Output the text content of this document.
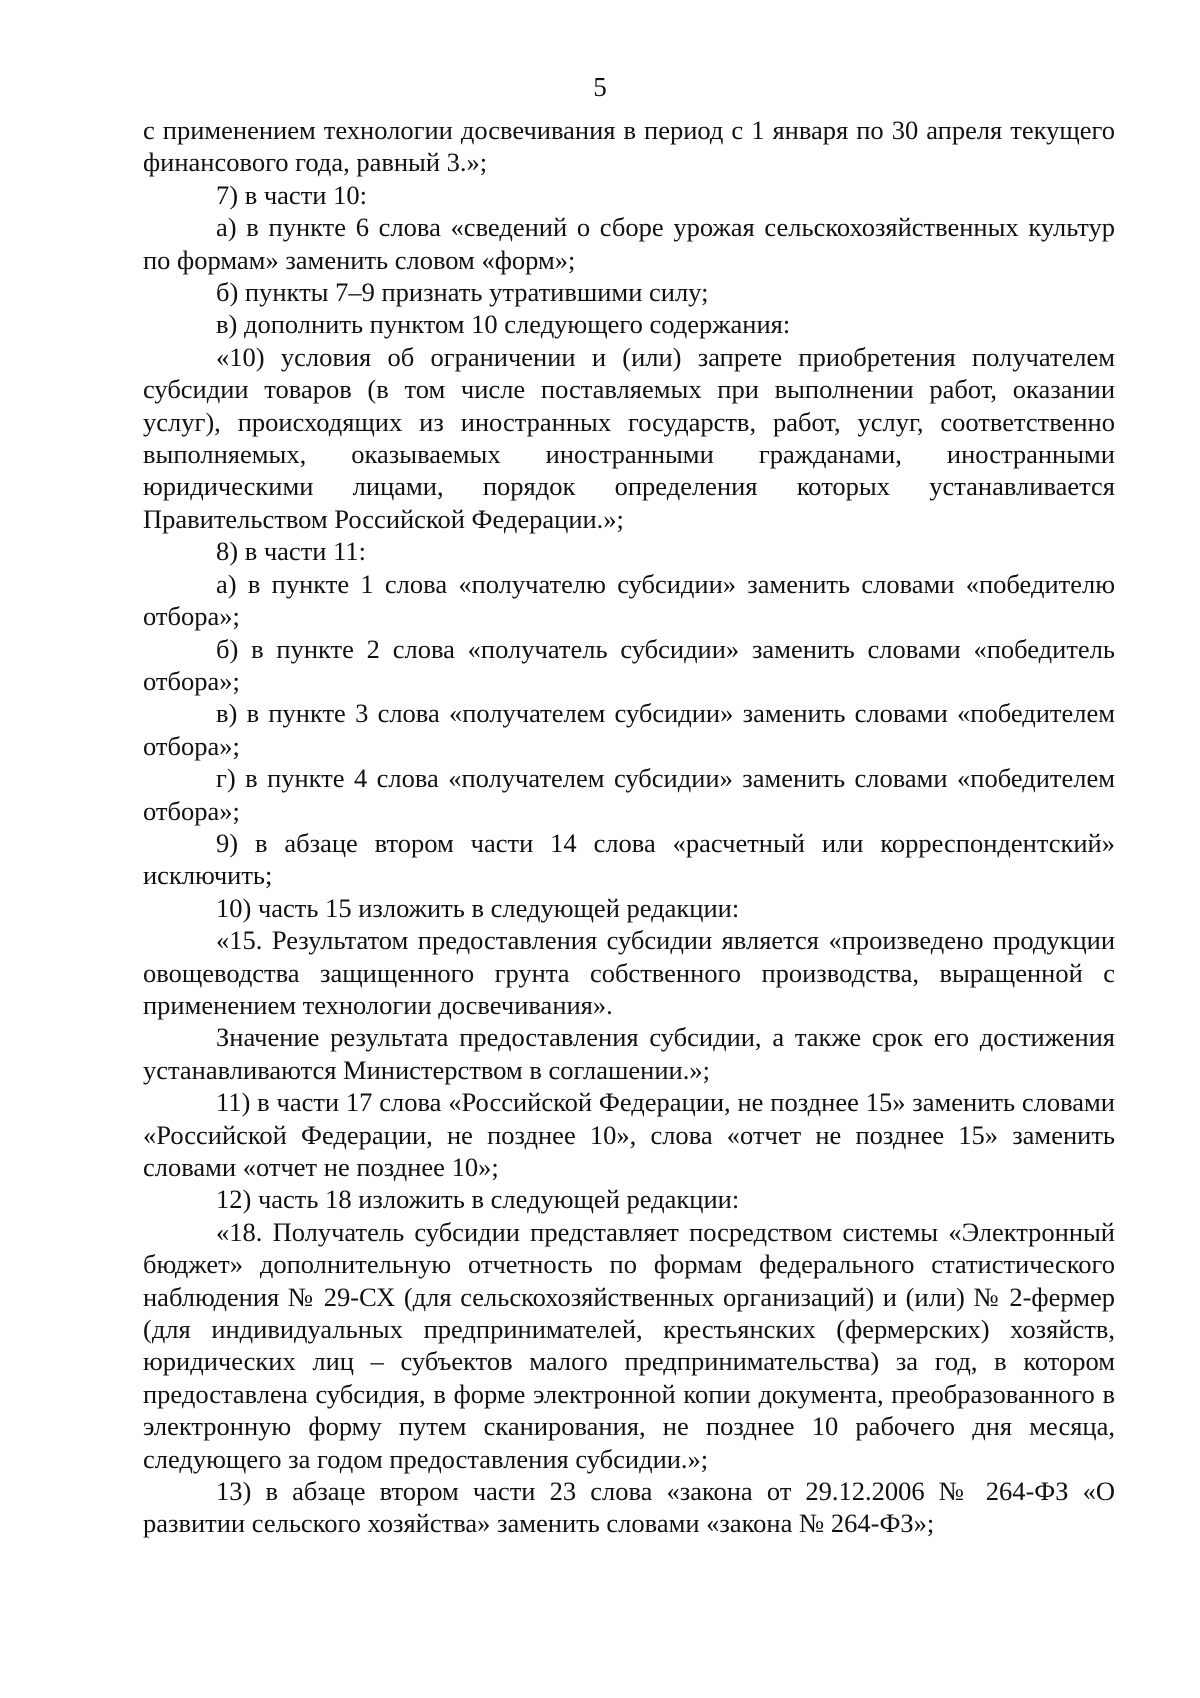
5

с применением технологии досвечивания в период с 1 января по 30 апреля текущего финансового года, равный 3.»;

7) в части 10:

а) в пункте 6 слова «сведений о сборе урожая сельскохозяйственных культур по формам» заменить словом «форм»;

б) пункты 7–9 признать утратившими силу;

в) дополнить пунктом 10 следующего содержания:

«10) условия об ограничении и (или) запрете приобретения получателем субсидии товаров (в том числе поставляемых при выполнении работ, оказании услуг), происходящих из иностранных государств, работ, услуг, соответственно выполняемых, оказываемых иностранными гражданами, иностранными юридическими лицами, порядок определения которых устанавливается Правительством Российской Федерации.»;

8) в части 11:

а) в пункте 1 слова «получателю субсидии» заменить словами «победителю отбора»;

б) в пункте 2 слова «получатель субсидии» заменить словами «победитель отбора»;

в) в пункте 3 слова «получателем субсидии» заменить словами «победителем отбора»;

г) в пункте 4 слова «получателем субсидии» заменить словами «победителем отбора»;

9) в абзаце втором части 14 слова «расчетный или корреспондентский» исключить;

10) часть 15 изложить в следующей редакции:

«15. Результатом предоставления субсидии является «произведено продукции овощеводства защищенного грунта собственного производства, выращенной с применением технологии досвечивания».

Значение результата предоставления субсидии, а также срок его достижения устанавливаются Министерством в соглашении.»;

11) в части 17 слова «Российской Федерации, не позднее 15» заменить словами «Российской Федерации, не позднее 10», слова «отчет не позднее 15» заменить словами «отчет не позднее 10»;

12) часть 18 изложить в следующей редакции:

«18. Получатель субсидии представляет посредством системы «Электронный бюджет» дополнительную отчетность по формам федерального статистического наблюдения № 29-СХ (для сельскохозяйственных организаций) и (или) № 2-фермер (для индивидуальных предпринимателей, крестьянских (фермерских) хозяйств, юридических лиц – субъектов малого предпринимательства) за год, в котором предоставлена субсидия, в форме электронной копии документа, преобразованного в электронную форму путем сканирования, не позднее 10 рабочего дня месяца, следующего за годом предоставления субсидии.»;

13) в абзаце втором части 23 слова «закона от 29.12.2006 № 264-ФЗ «О развитии сельского хозяйства» заменить словами «закона № 264-ФЗ»;
